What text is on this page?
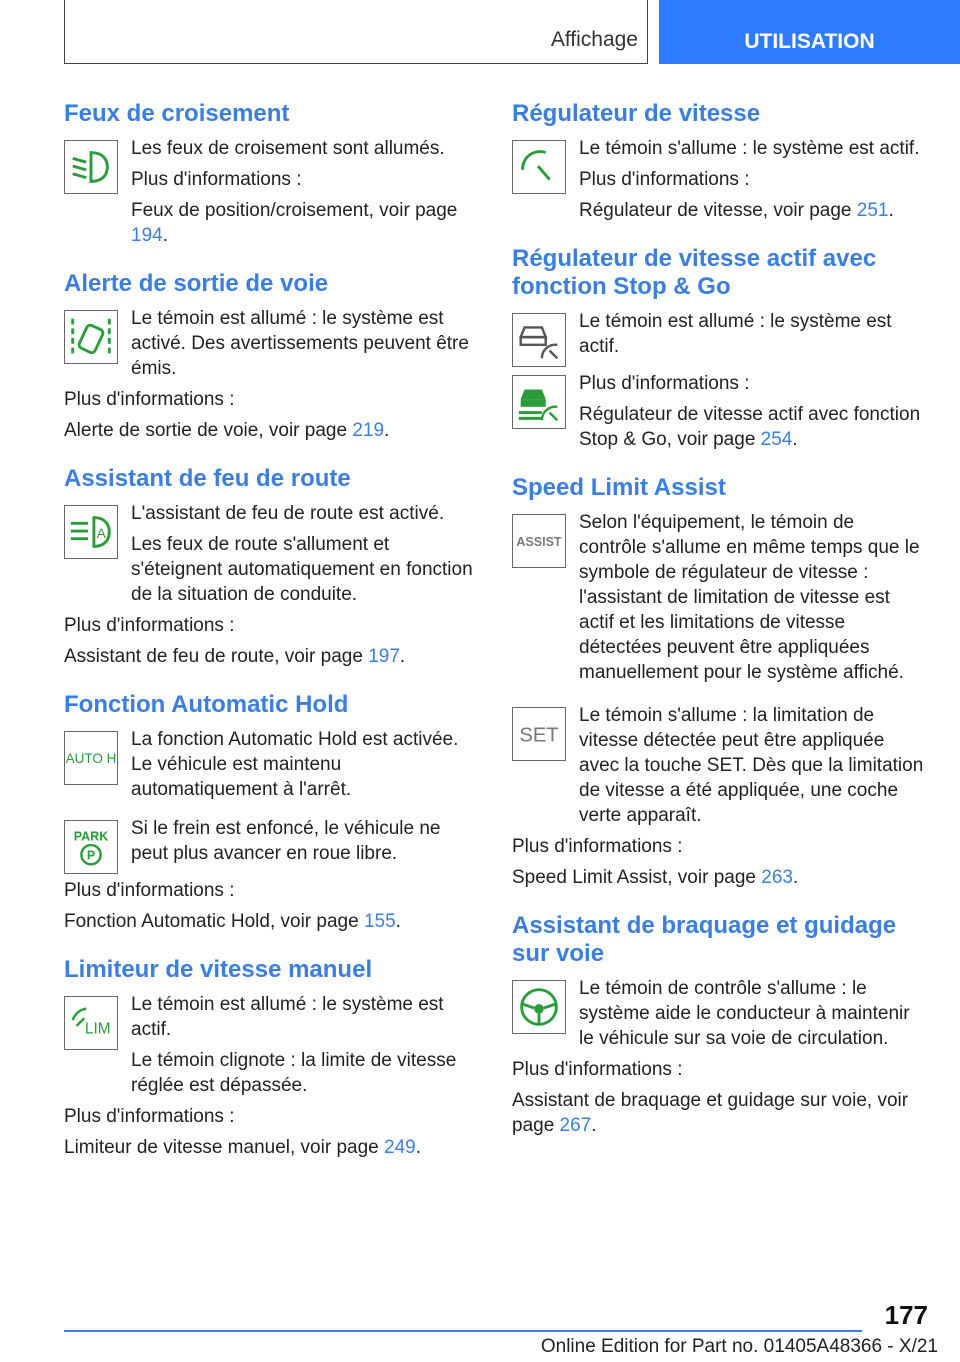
Affichage	UTILISATION
Feux de croisement

Les feux de croisement sont allumés.

Plus d'informations :

Feux de position/croisement, voir page 194.

Alerte de sortie de voie

Le témoin est allumé : le système est activé. Des avertissements peuvent être émis.

Plus d'informations :

Alerte de sortie de voie, voir page 219.

Assistant de feu de route
A

L'assistant de feu de route est activé.

Les feux de route s'allument et s'éteignent automatiquement en fonction de la situation de conduite.

Plus d'informations :

Assistant de feu de route, voir page 197.

Fonction Automatic Hold
AUTO H

La fonction Automatic Hold est activée. Le véhicule est maintenu automatiquement à l'arrêt.

PARK
P

Si le frein est enfoncé, le véhicule ne peut plus avancer en roue libre.

Plus d'informations :

Fonction Automatic Hold, voir page 155.

Limiteur de vitesse manuel
LIM

Le témoin est allumé : le système est actif.

Le témoin clignote : la limite de vitesse réglée est dépassée.

Plus d'informations :

Limiteur de vitesse manuel, voir page 249.

Régulateur de vitesse

Le témoin s'allume : le système est actif.

Plus d'informations :

Régulateur de vitesse, voir page 251.

Régulateur de vitesse actif avec fonction Stop & Go

Le témoin est allumé : le système est actif.

Plus d'informations :

Régulateur de vitesse actif avec fonction Stop & Go, voir page 254.

Speed Limit Assist
ASSIST

Selon l'équipement, le témoin de contrôle s'allume en même temps que le symbole de régulateur de vitesse : l'assistant de limitation de vitesse est actif et les limitations de vitesse détectées peuvent être appliquées manuellement pour le système affiché.

SET

Le témoin s'allume : la limitation de vitesse détectée peut être appliquée avec la touche SET. Dès que la limitation de vitesse a été appliquée, une coche verte apparaît.

Plus d'informations :

Speed Limit Assist, voir page 263.

Assistant de braquage et guidage sur voie

Le témoin de contrôle s'allume : le système aide le conducteur à maintenir le véhicule sur sa voie de circulation.

Plus d'informations :

Assistant de braquage et guidage sur voie, voir page 267.

177
Online Edition for Part no. 01405A48366 - X/21
